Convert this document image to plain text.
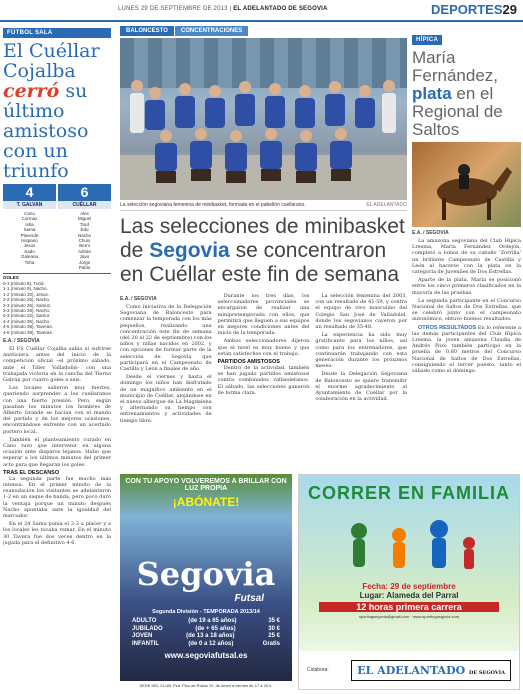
LUNES 29 DE SEPTIEMBRE DE 2013 | EL ADELANTADO DE SEGOVIA	DEPORTES29
FÚTBOL SALA
El Cuéllar Cojalba cerró su último amistoso con un triunfo
4
T. GALVAN
6
CUÉLLAR
Cano
Cormax
Ixtia
Sama
Plaverde
Hispano
Jesus
Sado
Galeana
Toha
Alex
Miguel
Turd
Edu
Nacho
Chuni
Berni
Adrián
Javo
Jorge
Pablo
GOLES
0-1 (minuto 8), Turid.
1-1 (minuto 9), Nacho.
1-2 (minuto 20), Jesus.
2-2 (minuto 25), Nacho.
2-3 (minuto 26), Samuz.
3-3 (minuto 28), Nacho.
4-3 (minuto 32), Samur.
4-4 (minuto 35), Nacho.
4-5 (minuto 38), Taveras.
4-6 (minuto 39), Taveras.
E.A. / SEGOVIA

El FS Cuéllar Cojalba sabía sí sufrirse anoticiera antes del inicio de la competición oficial –el próximo sábado, ante el Tiñer Valladolid– con una trabajada victoria en la cancha del Tierno Galván por cuatro goles a seis.

Los locales salieron muy fuertes, queriendo sorprender a los cuellaranos con una fuerte presión. Pero, según pasaban los minutos los hombres de Alberto Grande se hacían con el mando del partido y de los mejores ocasiones, encontrándose enfrente con un acertado portero local.

También el planteamiento curado en Cano tuvo que intervenir en alguna ocasión ante disparos lejanos. Hubo que esperar a los últimos minutos del primer acto para que llegaran los goles.

TRAS EL DESCANSO

La segunda parte fue mucho más intensa. En el primer minuto de la reanudación los visitantes se adelantaron 1-2 en un saque de banda, pero poco duró la ventaja porque un minuto después Nacho apuntaba ante la igualdad del marcador.

En el 24 Samu ponía el 2-3 a placer y a los locales les tocaba remar. En el minuto 30 Tavera fue dos veces dentro en la jugada para el definitivo 4-6.

BALONCESTO	CONCENTRACIONES
La selección segoviana femenina de minibasket, formada en el pabellón cuellarano.	EL ADELANTADO
Las selecciones de minibasket de Segovia se concentraron en Cuéllar este fin de semana
E.A. / SEGOVIA

Como iniciativa de la Delegación Segoviana de Baloncesto para comenzar la temporada con los más pequeños, realizando una concentración este fin de semana (del 20 al 22 de septiembre) con los niños y niñas nacidos en 2002, y con opciones de formar parte de la selección de Segovia que participará en el Campeonato de Castilla y León a finales de año.

Desde el viernes y hasta el domingo los niños han disfrutado de un magnífico ambiente en el municipio de Cuéllar, alojándose en el nuevo albergue de La Magdalena y alternando su tiempo con entrenamientos y actividades de tiempo libre.

Durante los tres días, los seleccionadores provinciales se encargaron de realizar una minipretemporada con ellos, que permitirá que lleguen a sus equipos en mejores condiciones antes del inicio de la temporada.

Ambos seleccionadores dijeron que el nivel es muy bueno y que están satisfechos con el trabajo.

PARTIDOS AMISTOSOS

Dentro de la actividad, también se han jugado partidos amistosos contra combinados vallisoletanos. El sábado, las selecciones ganaron de forma clara.

La selección femenina del 2003, con un resultado de 41-59, y contra el equipo de vivo masculino del Colegio San José de Valladolid, donde los segovianos cayeron por un resultado de 35-48.

La experiencia ha sido muy gratificante para los niños, así como para los entrenadores, que continuarán trabajando con esta generación durante los próximos meses.

Desde la Delegación Segoviana de Baloncesto se quiere transmitir el enorme agradecimiento al Ayuntamiento de Cuéllar por la colaboración en la actividad.

HÍPICA
María Fernández, plata en el Regional de Saltos
E.A. / SEGOVIA

La amazona segoviana del Club Hípica Lresma, María Fernández Ordejón, completó a lomos de su caballo 'Zorrilla' un brillante Campeonato de Castilla y León al hacerse con la plata en la categoría de Juveniles de Dos Estrellas.

Aparte de la plata, María se posicionó entre los cinco primeros clasificados en la mayoría de las pruebas.

La segunda participante en el Concurso Nacional de Saltos de Dos Estrellas, que se celebró junto con el campeonato autonómico, obtuvo buenos resultados.

OTROS RESULTADOS En lo referente a las demás participantes del Club Hípica Lresma, la joven amazona Claudia de Andrés Pozo también participó en la prueba de 0,80 metros del Concurso Nacional de Saltos de Dos Estrellas, consiguiendo el tercer puesto, tanto el sábado como el domingo.

CON TU APOYO VOLVEREMOS A BRILLAR CON LUZ PROPIA
¡ABÓNATE!
Segovia
Futsal
Segunda División - TEMPORADA 2013/14
ADULTO	(de 19 a 65 años)	35 €
JUBILADO	(de + 65 años)	30 €
JOVEN	(de 13 a 18 años)	25 €
INFANTIL	(de 0 a 12 años)	Gratis
www.segoviafutsal.es
SEDE DEL CLUB: Pza. Pico de Rollos 10, de lunes a viernes de 17 a 20 h.
CORRER EN FAMILIA
Fecha: 29 de septiembre
Lugar: Alameda del Parral
12 horas primera carrera
sportingsegovia@gmail.com · www.sportingsegovia.com
Colabora:	EL ADELANTADO DE SEGOVIA
